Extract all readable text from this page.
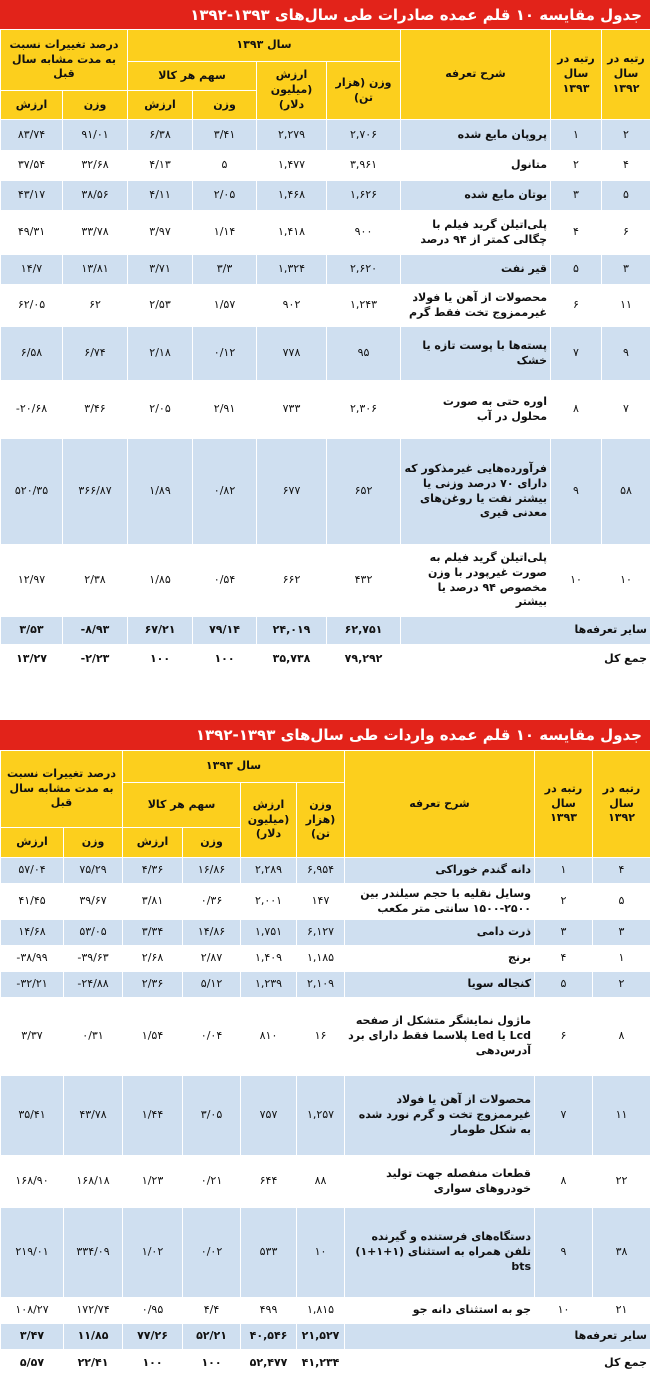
جدول مقایسه ۱۰ قلم عمده صادرات طی سال‌های ۱۳۹۳-۱۳۹۲
درصد تغییرات نسبت به مدت مشابه سال قبل		سال ۱۳۹۳				شرح تعرفه	رتبه در سال ۱۳۹۳	رتبه در سال ۱۳۹۲
		سهم هر کالا		ارزش (میلیون دلار)	وزن (هزار تن)			
ارزش	وزن	ارزش	وزن					
۸۳/۷۴	۹۱/۰۱	۶/۳۸	۳/۴۱	۲,۲۷۹	۲,۷۰۶	پروپان مایع شده	۱	۲
۳۷/۵۴	۳۲/۶۸	۴/۱۳	۵	۱,۴۷۷	۳,۹۶۱	متانول	۲	۴
۴۳/۱۷	۳۸/۵۶	۴/۱۱	۲/۰۵	۱,۴۶۸	۱,۶۲۶	بوتان مایع شده	۳	۵
۴۹/۳۱	۳۳/۷۸	۳/۹۷	۱/۱۴	۱,۴۱۸	۹۰۰	پلی‌اتیلن گرید فیلم با چگالی کمتر از ۹۴ درصد	۴	۶
۱۴/۷	۱۳/۸۱	۳/۷۱	۳/۳	۱,۳۲۴	۲,۶۲۰	قیر نفت	۵	۳
۶۲/۰۵	۶۲	۲/۵۳	۱/۵۷	۹۰۲	۱,۲۴۳	محصولات از آهن یا فولاد غیرممزوج تخت فقط گرم	۶	۱۱
۶/۵۸	۶/۷۴	۲/۱۸	۰/۱۲	۷۷۸	۹۵	پسته‌ها با پوست تازه یا خشک	۷	۹
-۲۰/۶۸	۳/۴۶	۲/۰۵	۲/۹۱	۷۳۳	۲,۳۰۶	اوره حتی به صورت محلول در آب	۸	۷
۵۲۰/۳۵	۳۶۶/۸۷	۱/۸۹	۰/۸۲	۶۷۷	۶۵۲	فرآورده‌هایی غیرمذکور که دارای ۷۰ درصد وزنی یا بیشتر نفت یا روغن‌های معدنی قیری	۹	۵۸
۱۲/۹۷	۲/۳۸	۱/۸۵	۰/۵۴	۶۶۲	۴۳۲	پلی‌اتیلن گرید فیلم به صورت غیرپودر با وزن مخصوص ۹۴ درصد یا بیشتر	۱۰	۱۰
۳/۵۳	-۸/۹۳	۶۷/۲۱	۷۹/۱۴	۲۴,۰۱۹	۶۲,۷۵۱	سایر تعرفه‌ها		
۱۳/۲۷	-۲/۲۳	۱۰۰	۱۰۰	۳۵,۷۳۸	۷۹,۲۹۲	جمع کل		
جدول مقایسه ۱۰ قلم عمده واردات طی سال‌های ۱۳۹۳-۱۳۹۲
درصد تغییرات نسبت به مدت مشابه سال قبل		سال ۱۳۹۳				شرح تعرفه	رتبه در سال ۱۳۹۳	رتبه در سال ۱۳۹۲
		سهم هر کالا		ارزش (میلیون دلار)	وزن (هزار تن)			
ارزش	وزن	ارزش	وزن					
۵۷/۰۴	۷۵/۲۹	۴/۳۶	۱۶/۸۶	۲,۲۸۹	۶,۹۵۴	دانه گندم خوراکی	۱	۴
۴۱/۴۵	۳۹/۶۷	۳/۸۱	۰/۳۶	۲,۰۰۱	۱۴۷	وسایل نقلیه با حجم سیلندر بین ۲۵۰۰-۱۵۰۰ سانتی متر مکعب	۲	۵
۱۴/۶۸	۵۳/۰۵	۳/۳۴	۱۴/۸۶	۱,۷۵۱	۶,۱۲۷	ذرت دامی	۳	۳
-۳۸/۹۹	-۳۹/۶۳	۲/۶۸	۲/۸۷	۱,۴۰۹	۱,۱۸۵	برنج	۴	۱
-۳۲/۲۱	-۲۴/۸۸	۲/۳۶	۵/۱۲	۱,۲۳۹	۲,۱۰۹	کنجاله سویا	۵	۲
۳/۳۷	۰/۳۱	۱/۵۴	۰/۰۴	۸۱۰	۱۶	ماژول نمایشگر متشکل از صفحه Lcd یا Led پلاسما فقط دارای برد آدرس‌دهی	۶	۸
۳۵/۴۱	۴۳/۷۸	۱/۴۴	۳/۰۵	۷۵۷	۱,۲۵۷	محصولات از آهن یا فولاد غیرممزوج تخت و گرم نورد شده به شکل طومار	۷	۱۱
۱۶۸/۹۰	۱۶۸/۱۸	۱/۲۳	۰/۲۱	۶۴۴	۸۸	قطعات منفصله جهت تولید خودروهای سواری	۸	۲۲
۲۱۹/۰۱	۳۳۴/۰۹	۱/۰۲	۰/۰۲	۵۳۳	۱۰	دستگاه‌های فرستنده و گیرنده تلفن همراه به استثنای (۱+۱+۱) bts	۹	۳۸
۱۰۸/۲۷	۱۷۲/۷۴	۰/۹۵	۴/۴	۴۹۹	۱,۸۱۵	جو به استثنای دانه جو	۱۰	۲۱
۳/۴۷	۱۱/۸۵	۷۷/۲۶	۵۲/۲۱	۴۰,۵۴۶	۲۱,۵۲۷	سایر تعرفه‌ها		
۵/۵۷	۲۲/۴۱	۱۰۰	۱۰۰	۵۲,۴۷۷	۴۱,۲۳۴	جمع کل		
